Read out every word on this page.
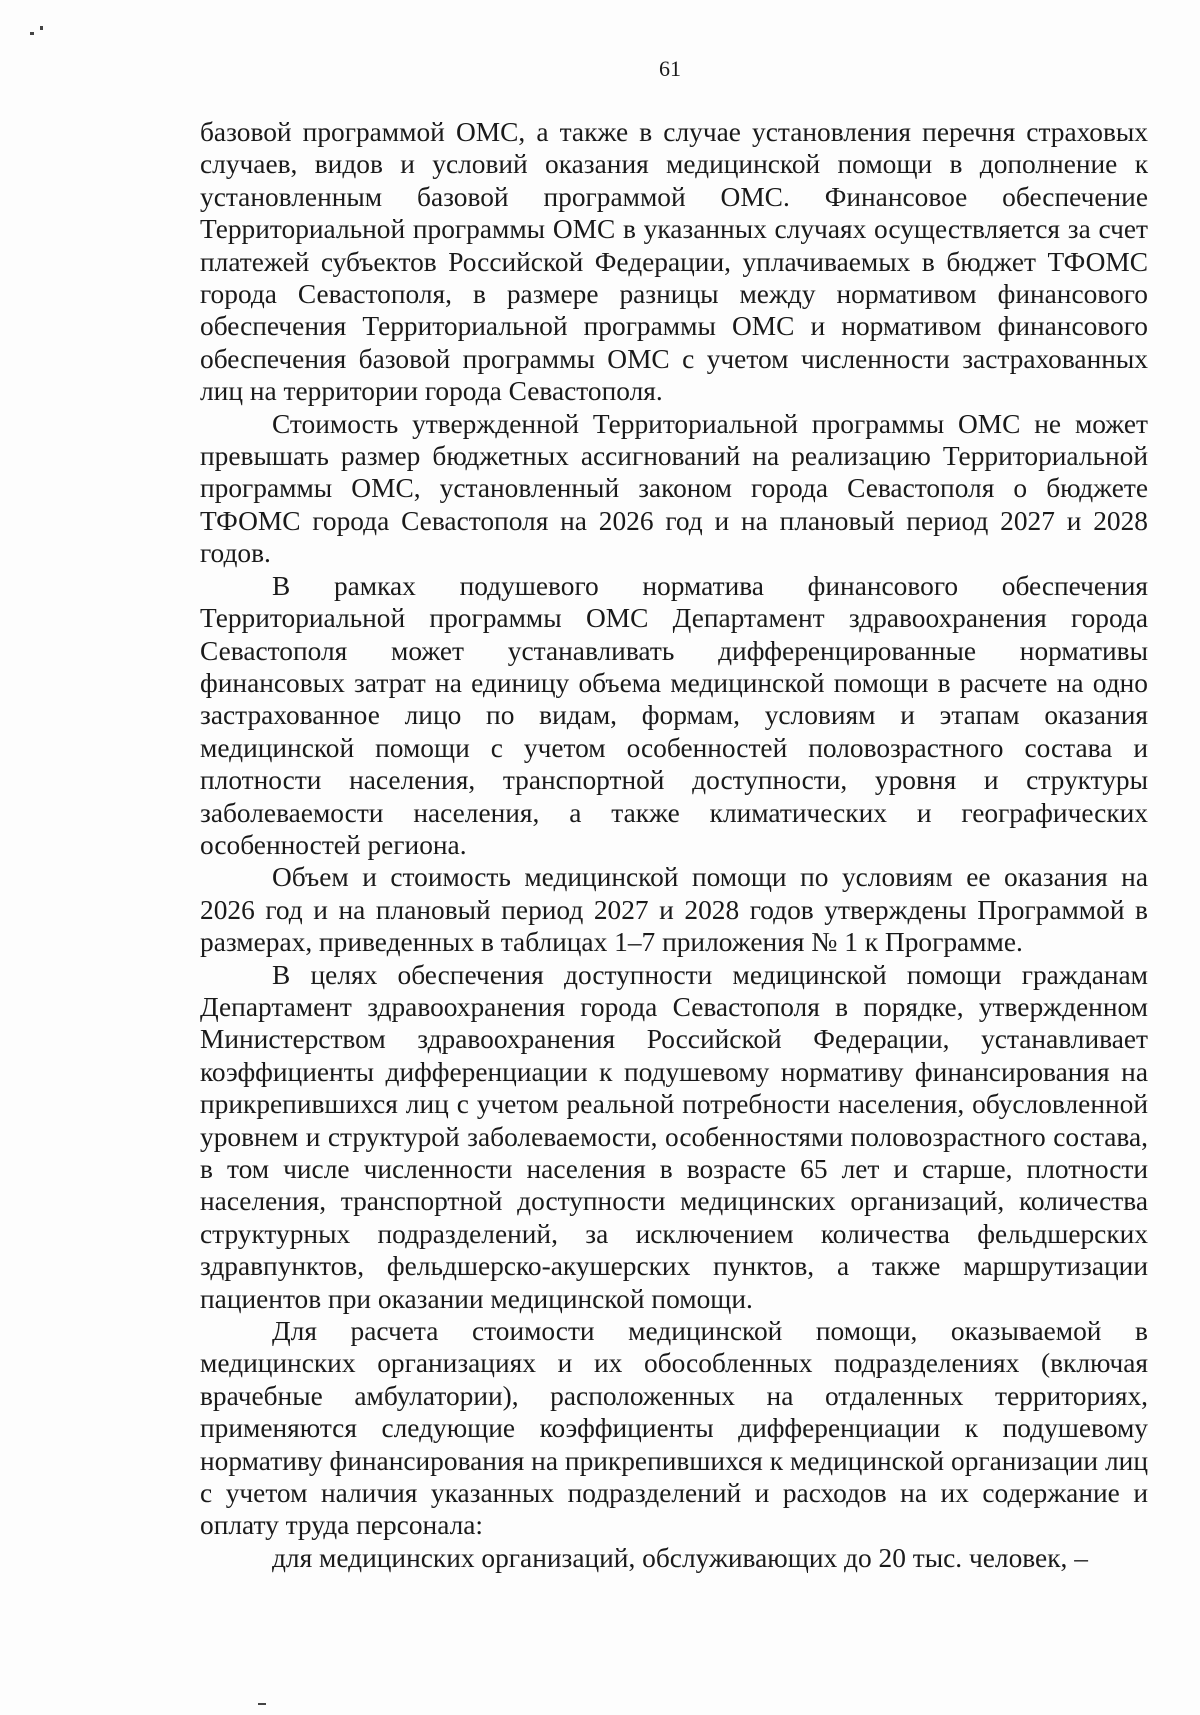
61

базовой программой ОМС, а также в случае установления перечня страховых случаев, видов и условий оказания медицинской помощи в дополнение к установленным базовой программой ОМС. Финансовое обеспечение Территориальной программы ОМС в указанных случаях осуществляется за счет платежей субъектов Российской Федерации, уплачиваемых в бюджет ТФОМС города Севастополя, в размере разницы между нормативом финансового обеспечения Территориальной программы ОМС и нормативом финансового обеспечения базовой программы ОМС с учетом численности застрахованных лиц на территории города Севастополя.

Стоимость утвержденной Территориальной программы ОМС не может превышать размер бюджетных ассигнований на реализацию Территориальной программы ОМС, установленный законом города Севастополя о бюджете ТФОМС города Севастополя на 2026 год и на плановый период 2027 и 2028 годов.

В рамках подушевого норматива финансового обеспечения Территориальной программы ОМС Департамент здравоохранения города Севастополя может устанавливать дифференцированные нормативы финансовых затрат на единицу объема медицинской помощи в расчете на одно застрахованное лицо по видам, формам, условиям и этапам оказания медицинской помощи с учетом особенностей половозрастного состава и плотности населения, транспортной доступности, уровня и структуры заболеваемости населения, а также климатических и географических особенностей региона.

Объем и стоимость медицинской помощи по условиям ее оказания на 2026 год и на плановый период 2027 и 2028 годов утверждены Программой в размерах, приведенных в таблицах 1–7 приложения № 1 к Программе.

В целях обеспечения доступности медицинской помощи гражданам Департамент здравоохранения города Севастополя в порядке, утвержденном Министерством здравоохранения Российской Федерации, устанавливает коэффициенты дифференциации к подушевому нормативу финансирования на прикрепившихся лиц с учетом реальной потребности населения, обусловленной уровнем и структурой заболеваемости, особенностями половозрастного состава, в том числе численности населения в возрасте 65 лет и старше, плотности населения, транспортной доступности медицинских организаций, количества структурных подразделений, за исключением количества фельдшерских здравпунктов, фельдшерско-акушерских пунктов, а также маршрутизации пациентов при оказании медицинской помощи.

Для расчета стоимости медицинской помощи, оказываемой в медицинских организациях и их обособленных подразделениях (включая врачебные амбулатории), расположенных на отдаленных территориях, применяются следующие коэффициенты дифференциации к подушевому нормативу финансирования на прикрепившихся к медицинской организации лиц с учетом наличия указанных подразделений и расходов на их содержание и оплату труда персонала:

для медицинских организаций, обслуживающих до 20 тыс. человек, –
